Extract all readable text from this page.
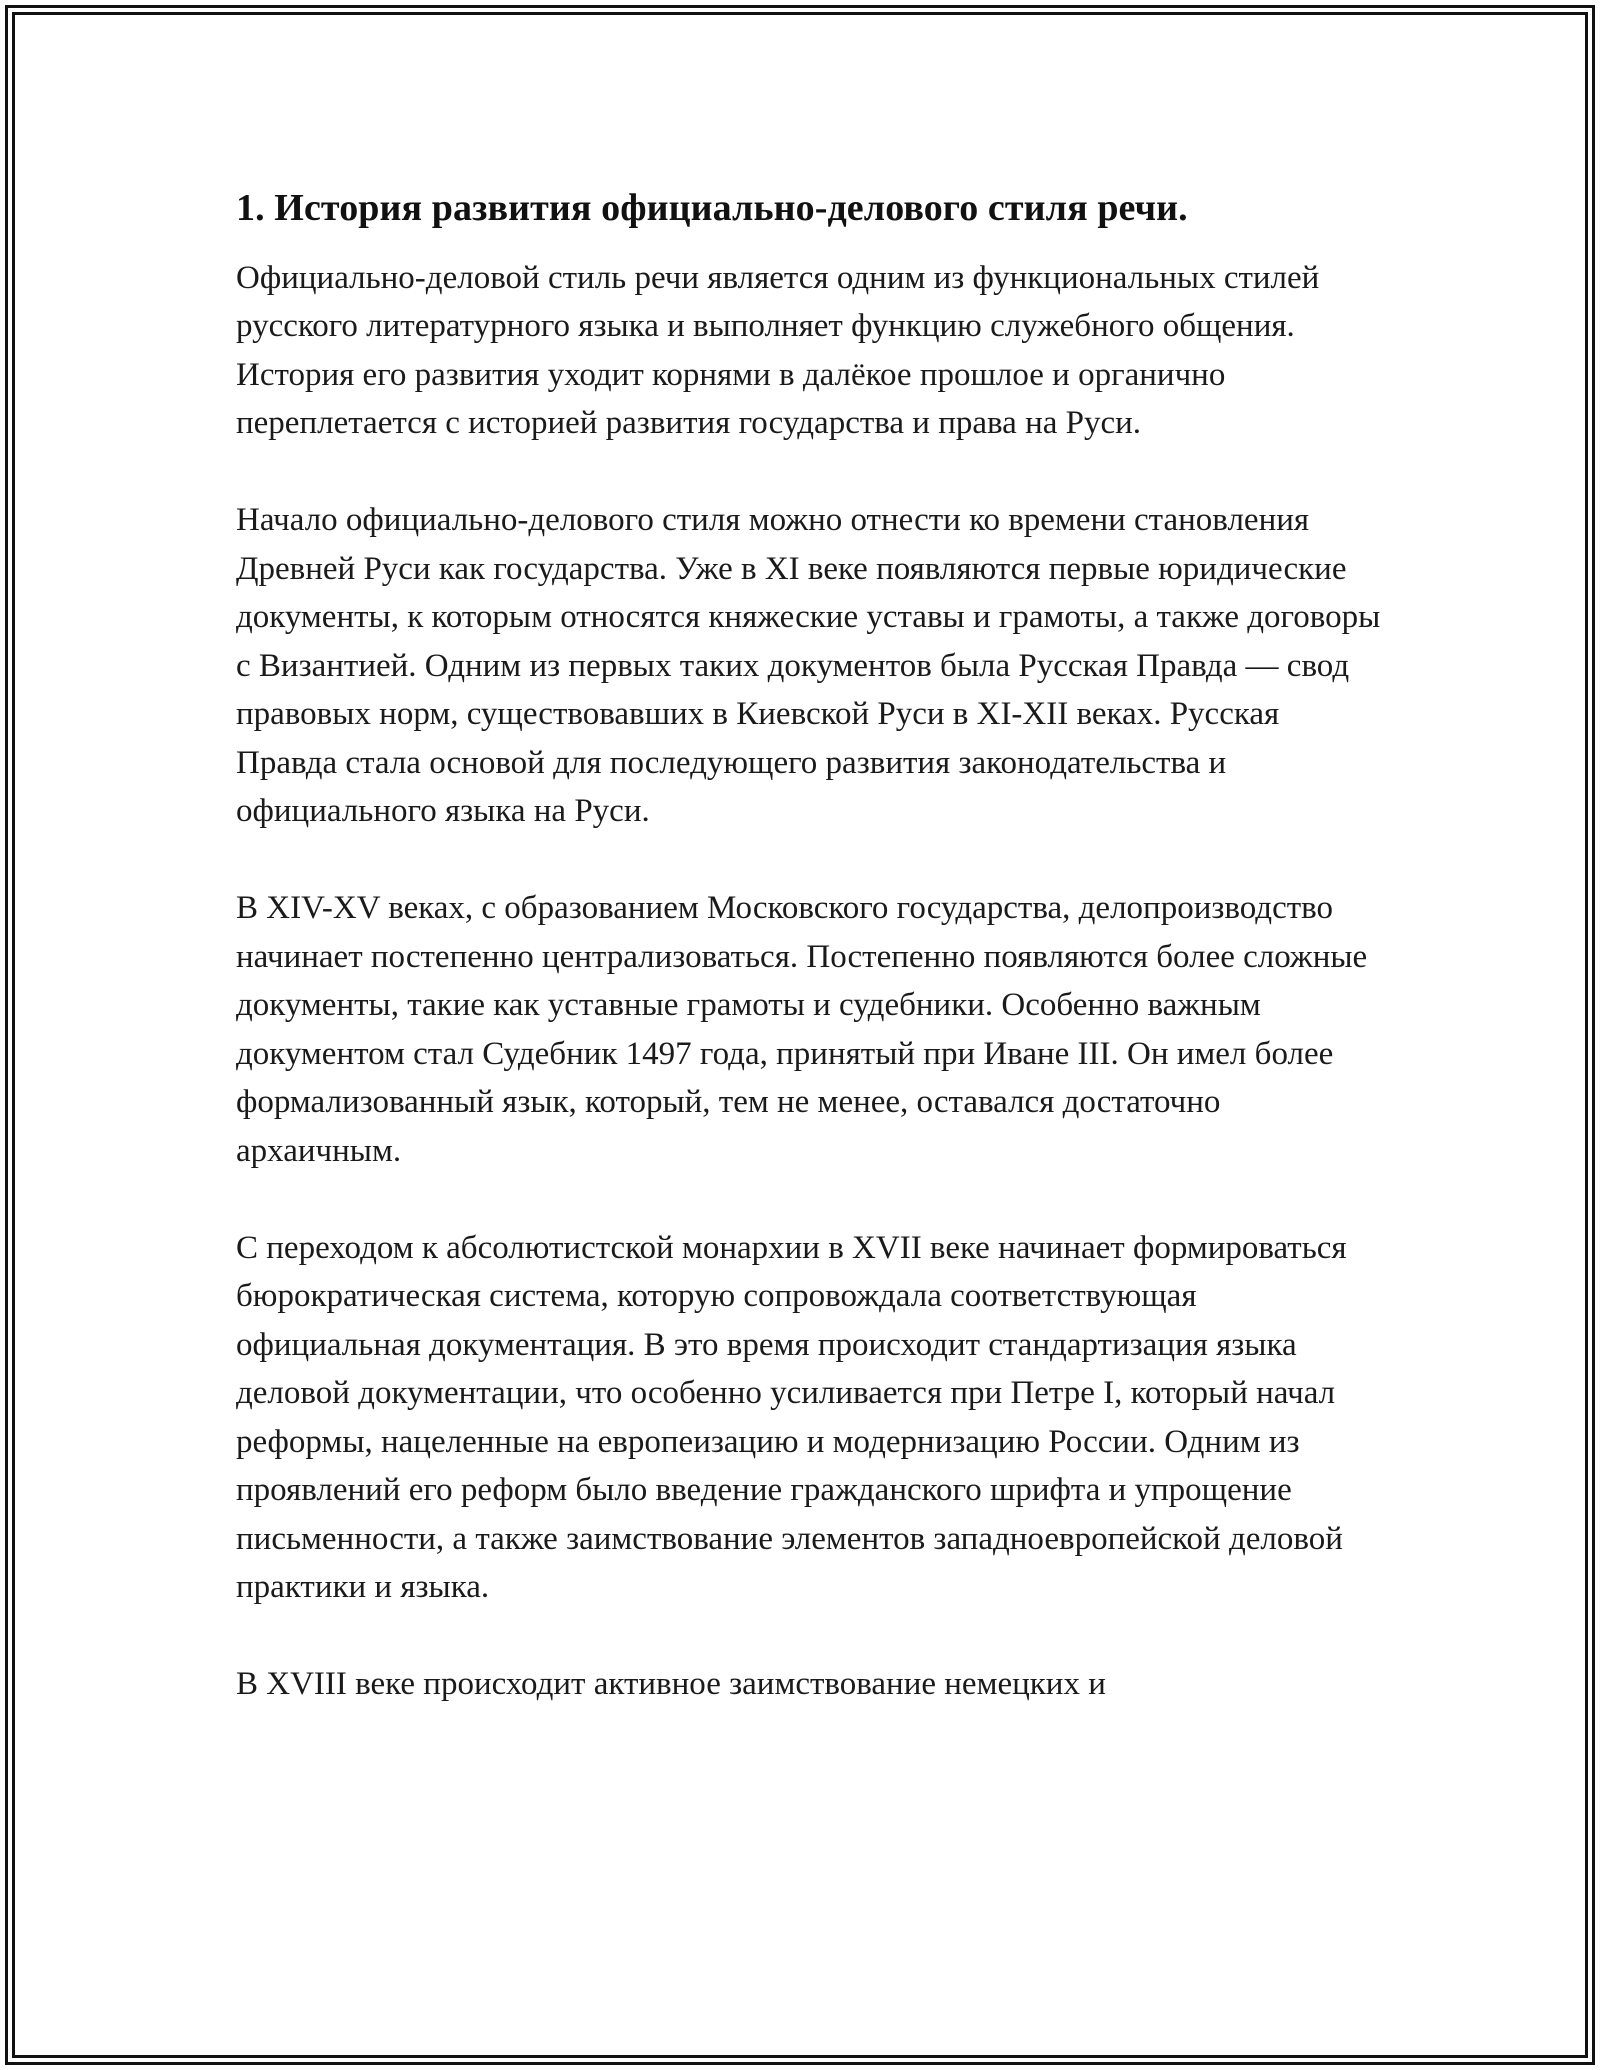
1. История развития официально-делового стиля речи.

Официально-деловой стиль речи является одним из функциональных стилей русского литературного языка и выполняет функцию служебного общения. История его развития уходит корнями в далёкое прошлое и органично переплетается с историей развития государства и права на Руси.

Начало официально-делового стиля можно отнести ко времени становления Древней Руси как государства. Уже в XI веке появляются первые юридические документы, к которым относятся княжеские уставы и грамоты, а также договоры с Византией. Одним из первых таких документов была Русская Правда — свод правовых норм, существовавших в Киевской Руси в XI-XII веках. Русская Правда стала основой для последующего развития законодательства и официального языка на Руси.

В XIV-XV веках, с образованием Московского государства, делопроизводство начинает постепенно централизоваться. Постепенно появляются более сложные документы, такие как уставные грамоты и судебники. Особенно важным документом стал Судебник 1497 года, принятый при Иване III. Он имел более формализованный язык, который, тем не менее, оставался достаточно архаичным.

С переходом к абсолютистской монархии в XVII веке начинает формироваться бюрократическая система, которую сопровождала соответствующая официальная документация. В это время происходит стандартизация языка деловой документации, что особенно усиливается при Петре I, который начал реформы, нацеленные на европеизацию и модернизацию России. Одним из проявлений его реформ было введение гражданского шрифта и упрощение письменности, а также заимствование элементов западноевропейской деловой практики и языка.

В XVIII веке происходит активное заимствование немецких и
